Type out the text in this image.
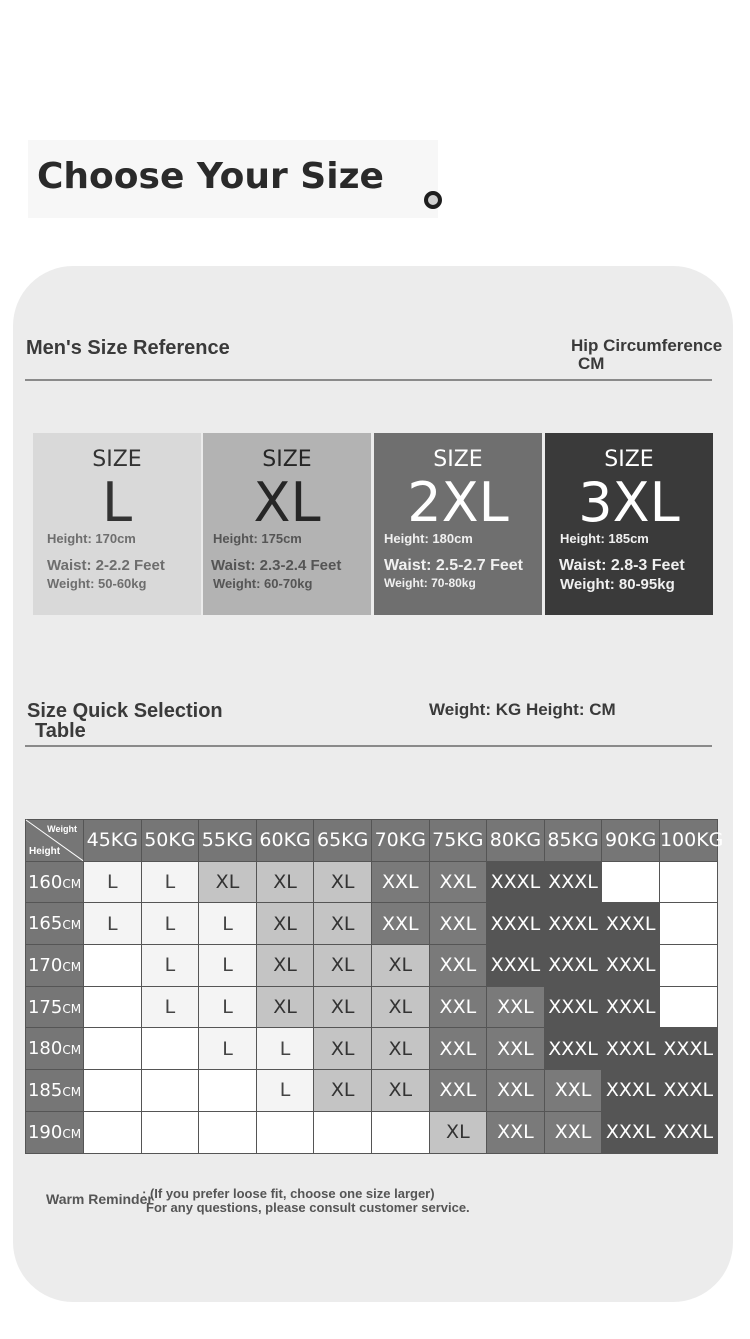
Choose Your Size
Men's Size Reference	Hip Circumference
CM
SIZE
L
Height: 170cm
Waist: 2-2.2 Feet
Weight: 50-60kg
SIZE
XL
Height: 175cm
Waist: 2.3-2.4 Feet
Weight: 60-70kg
SIZE
2XL
Height: 180cm
Waist: 2.5-2.7 Feet
Weight: 70-80kg
SIZE
3XL
Height: 185cm
Waist: 2.8-3 Feet
Weight: 80-95kg
Size Quick Selection
Table
Weight: KG Height: CM
Weight
Height	45KG	50KG	55KG	60KG	65KG	70KG	75KG	80KG	85KG	90KG	100KG
160CM	L	L	XL	XL	XL	XXL	XXL	XXXL	XXXL		
165CM	L	L	L	XL	XL	XXL	XXL	XXXL	XXXL	XXXL	
170CM		L	L	XL	XL	XL	XXL	XXXL	XXXL	XXXL	
175CM		L	L	XL	XL	XL	XXL	XXL	XXXL	XXXL	
180CM			L	L	XL	XL	XXL	XXL	XXXL	XXXL	XXXL
185CM				L	XL	XL	XXL	XXL	XXL	XXXL	XXXL
190CM							XL	XXL	XXL	XXXL	XXXL
Warm Reminder
: (If you prefer loose fit, choose one size larger)
For any questions, please consult customer service.
